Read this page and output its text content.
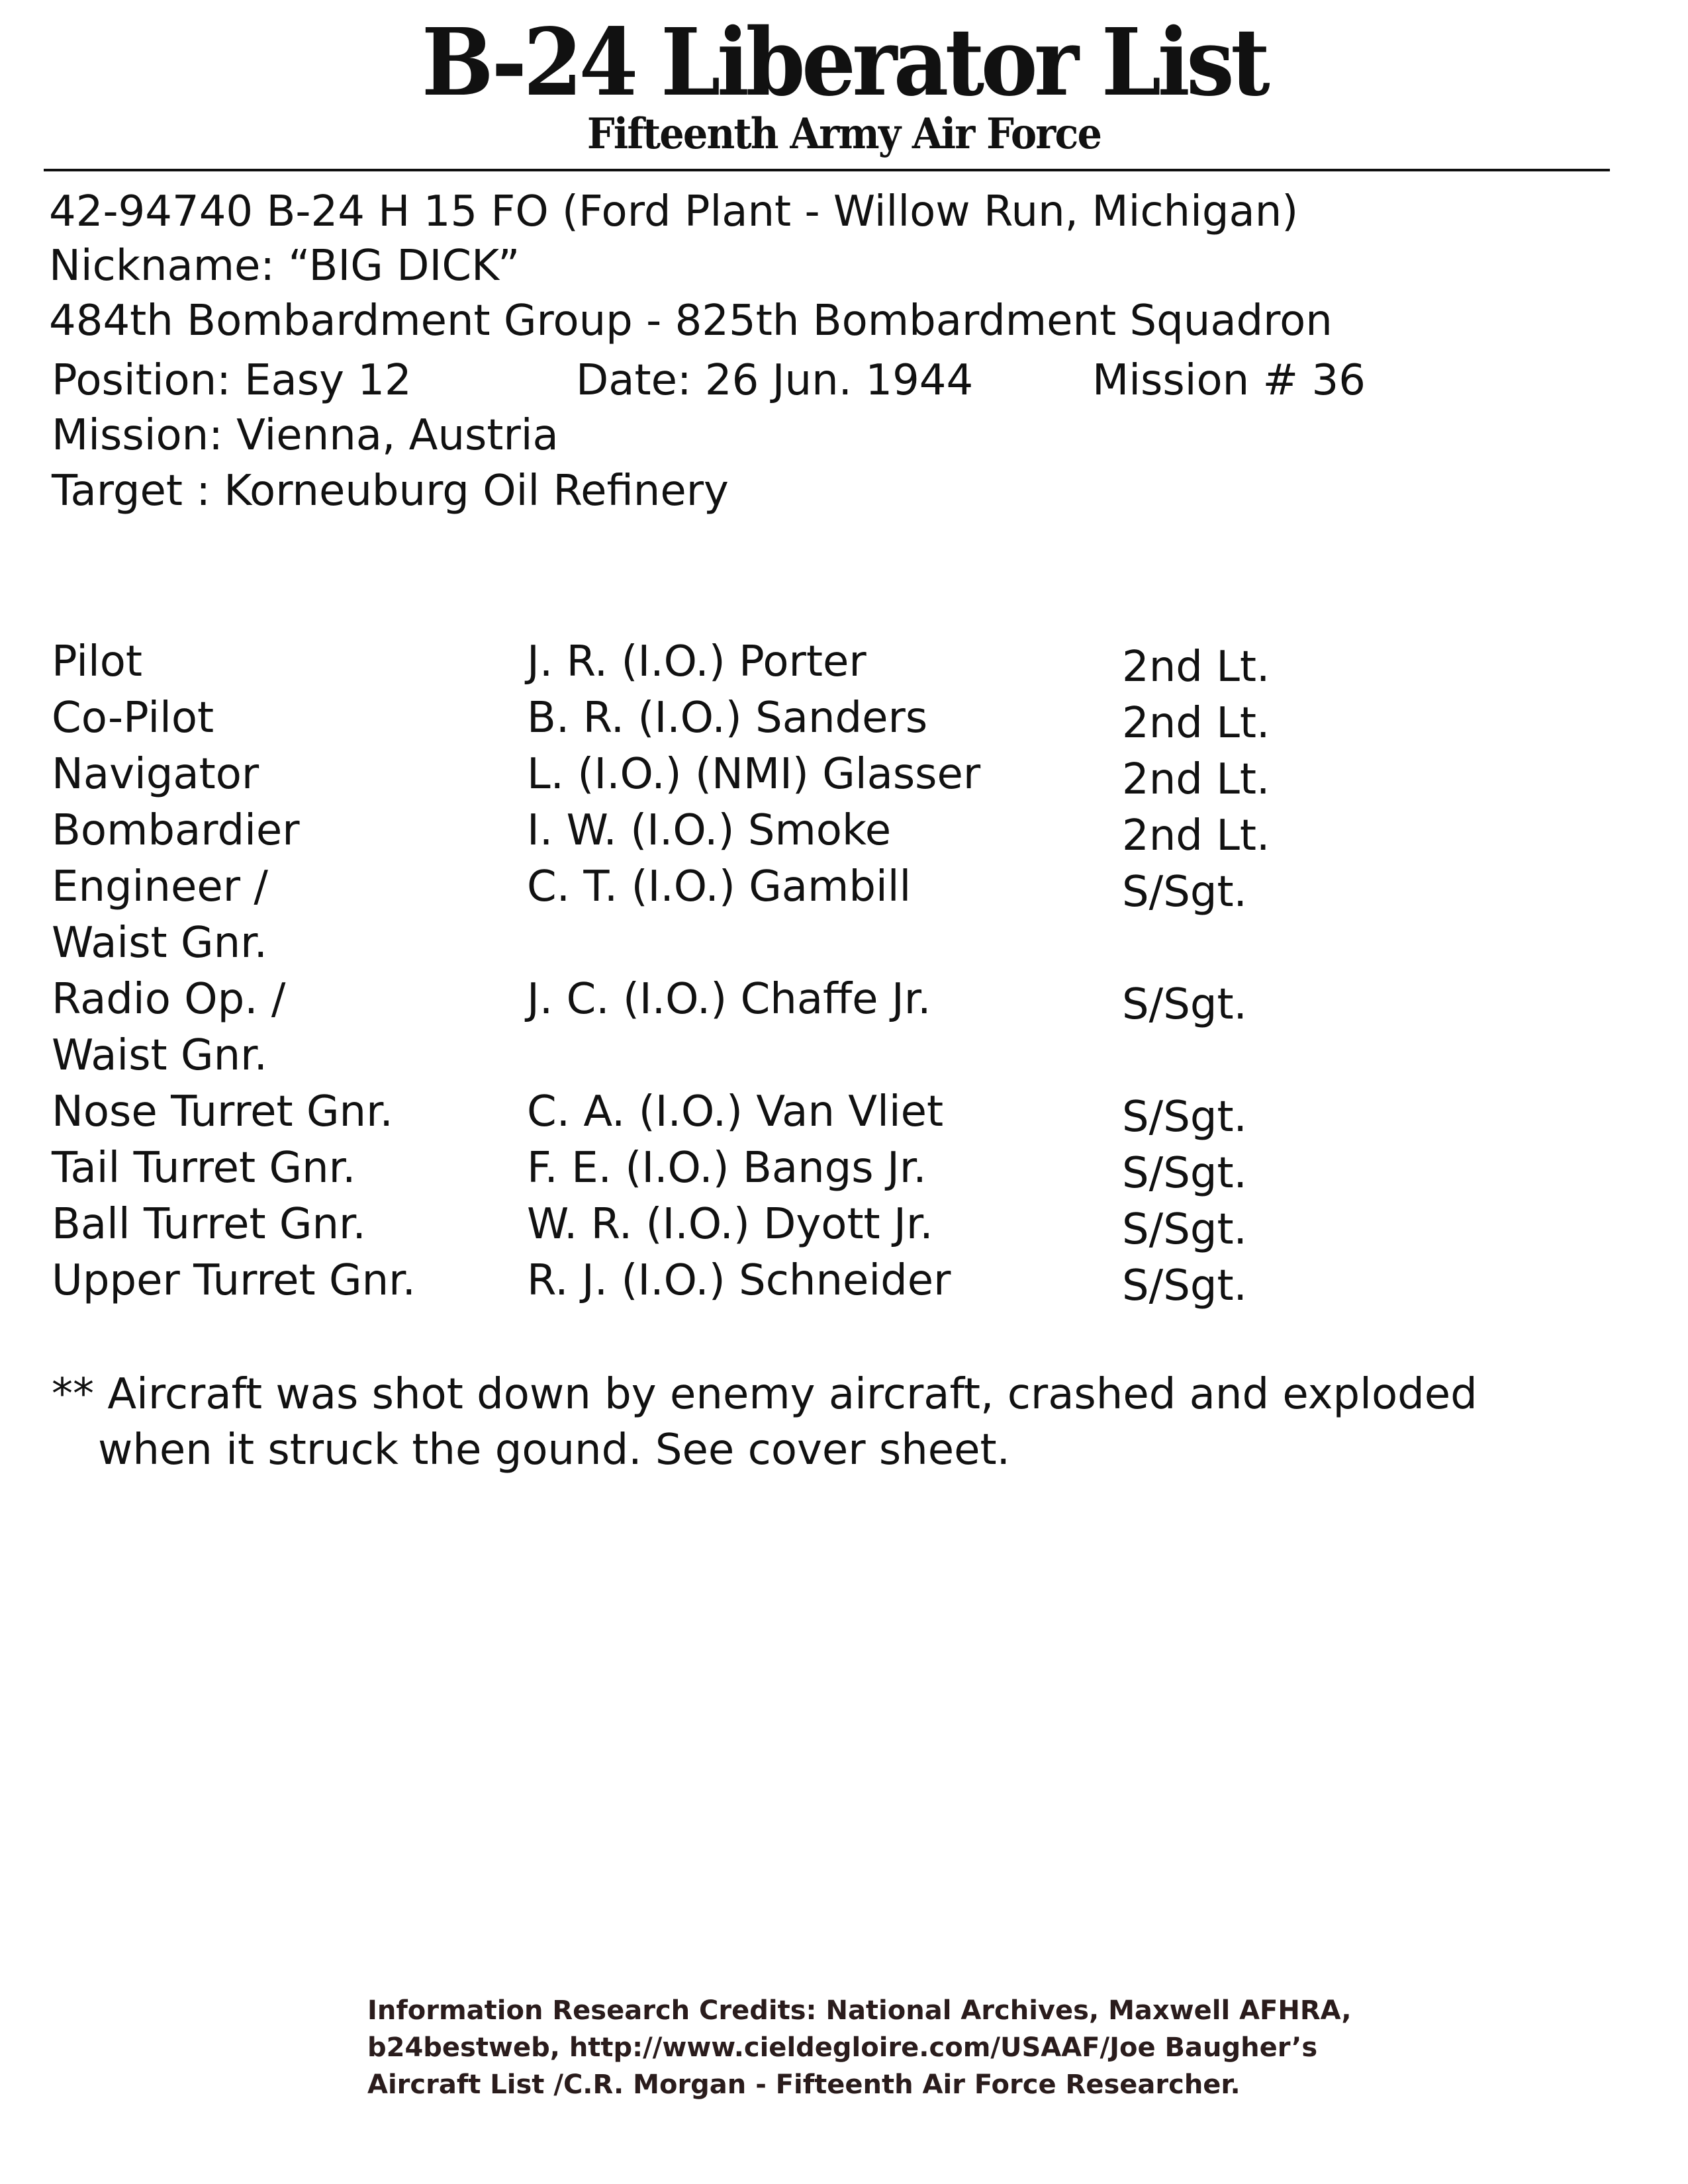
B-24 Liberator List
Fifteenth Army Air Force
42-94740 B-24 H 15 FO (Ford Plant - Willow Run, Michigan)
Nickname: “BIG DICK”
484th Bombardment Group - 825th Bombardment Squadron
Position: Easy 12	Date: 26 Jun. 1944	Mission # 36
Mission: Vienna, Austria
Target : Korneuburg Oil Refinery
Pilot	J. R. (I.O.) Porter	2nd Lt.
Co-Pilot	B. R. (I.O.) Sanders	2nd Lt.
Navigator	L. (I.O.) (NMI) Glasser	2nd Lt.
Bombardier	I. W. (I.O.) Smoke	2nd Lt.
Engineer /
Waist Gnr.
C. T. (I.O.) Gambill	S/Sgt.
Radio Op. /
Waist Gnr.
J. C. (I.O.) Chaffe Jr.	S/Sgt.
Nose Turret Gnr.	C. A. (I.O.) Van Vliet	S/Sgt.
Tail Turret Gnr.	F. E. (I.O.) Bangs Jr.	S/Sgt.
Ball Turret Gnr.	W. R. (I.O.) Dyott Jr.	S/Sgt.
Upper Turret Gnr.	R. J. (I.O.) Schneider	S/Sgt.
** Aircraft was shot down by enemy aircraft, crashed and exploded
when it struck the gound. See cover sheet.
Information Research Credits: National Archives, Maxwell AFHRA,
b24bestweb, http://www.cieldegloire.com/USAAF/Joe Baugher’s
Aircraft List /C.R. Morgan - Fifteenth Air Force Researcher.
